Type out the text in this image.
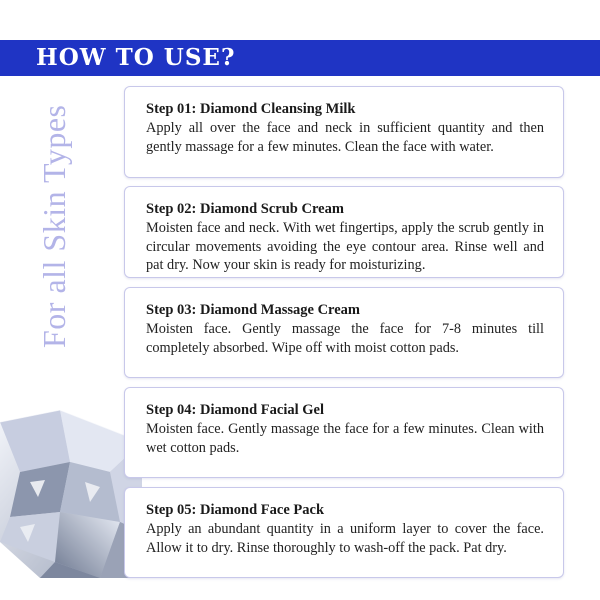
HOW TO USE?
For all Skin Types	Step 01: Diamond Cleansing Milk
Apply all over the face and neck in sufficient quantity and then gently massage for a few minutes. Clean the face with water.
Step 02: Diamond Scrub Cream
Moisten face and neck. With wet fingertips, apply the scrub gently in circular movements avoiding the eye contour area. Rinse well and pat dry. Now your skin is ready for moisturizing.
Step 03: Diamond Massage Cream
Moisten face. Gently massage the face for 7-8 minutes till completely absorbed. Wipe off with moist cotton pads.
Step 04: Diamond Facial Gel
Moisten face. Gently massage the face for a few minutes. Clean with wet cotton pads.
Step 05: Diamond Face Pack
Apply an abundant quantity in a uniform layer to cover the face. Allow it to dry. Rinse thoroughly to wash-off the pack. Pat dry.
